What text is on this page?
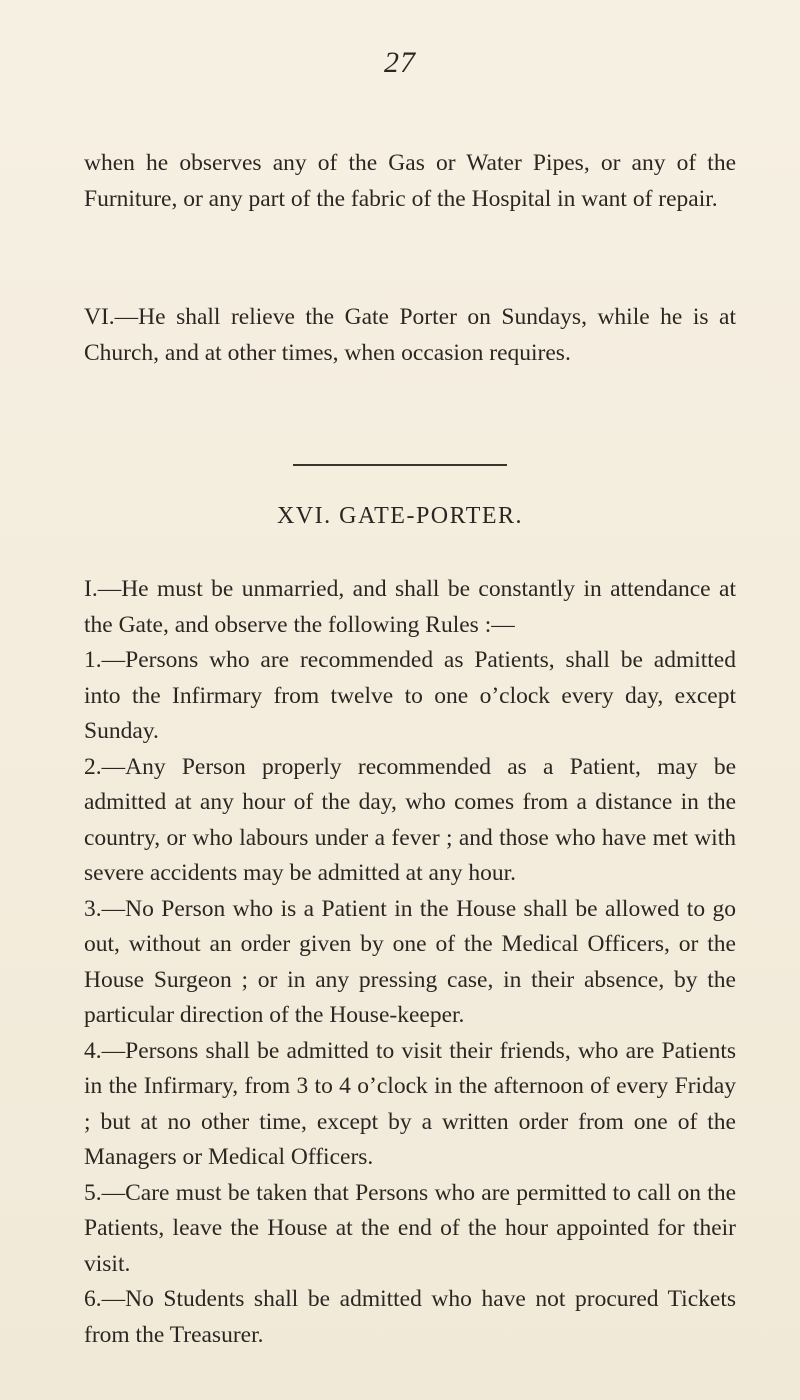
27

when he observes any of the Gas or Water Pipes, or any of the Furniture, or any part of the fabric of the Hospital in want of repair.

VI.—He shall relieve the Gate Porter on Sundays, while he is at Church, and at other times, when occasion requires.

XVI. GATE-PORTER.

I.—He must be unmarried, and shall be constantly in attendance at the Gate, and observe the following Rules :—

1.—Persons who are recommended as Patients, shall be admitted into the Infirmary from twelve to one o’clock every day, except Sunday.

2.—Any Person properly recommended as a Patient, may be admitted at any hour of the day, who comes from a distance in the country, or who labours under a fever ; and those who have met with severe accidents may be admitted at any hour.

3.—No Person who is a Patient in the House shall be allowed to go out, without an order given by one of the Medical Officers, or the House Surgeon ; or in any pressing case, in their absence, by the particular direction of the House-keeper.

4.—Persons shall be admitted to visit their friends, who are Patients in the Infirmary, from 3 to 4 o’clock in the afternoon of every Friday ; but at no other time, except by a written order from one of the Managers or Medical Officers.

5.—Care must be taken that Persons who are permitted to call on the Patients, leave the House at the end of the hour appointed for their visit.

6.—No Students shall be admitted who have not procured Tickets from the Treasurer.
